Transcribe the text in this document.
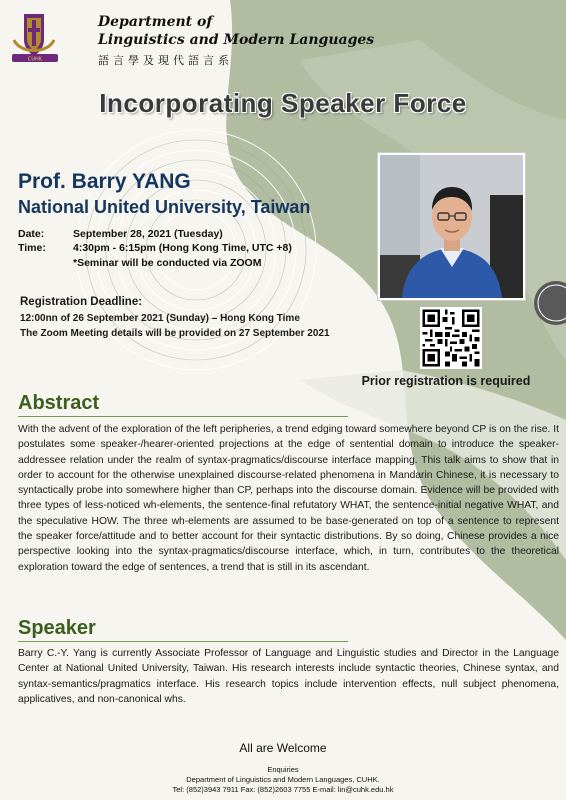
CUHK
Department of
Linguistics and Modern Languages
語言學及現代語言系
Incorporating Speaker Force
Prof. Barry YANG
National United University, Taiwan
Date:	September 28, 2021 (Tuesday)
Time:	4:30pm - 6:15pm (Hong Kong Time, UTC +8)
*Seminar will be conducted via ZOOM
Registration Deadline:
12:00nn of 26 September 2021 (Sunday) – Hong Kong Time
The Zoom Meeting details will be provided on 27 September 2021
Prior registration is required
Abstract
With the advent of the exploration of the left peripheries, a trend edging toward somewhere beyond CP is on the rise. It postulates some speaker-/hearer-oriented projections at the edge of sentential domain to introduce the speaker-addressee relation under the realm of syntax-pragmatics/discourse interface mapping. This talk aims to show that in order to account for the otherwise unexplained discourse-related phenomena in Mandarin Chinese, it is necessary to syntactically probe into somewhere higher than CP, perhaps into the discourse domain. Evidence will be provided with three types of less-noticed wh-elements, the sentence-final refutatory WHAT, the sentence-initial negative WHAT, and the speculative HOW. The three wh-elements are assumed to be base-generated on top of a sentence to represent the speaker force/attitude and to better account for their syntactic distributions. By so doing, Chinese provides a nice perspective looking into the syntax-pragmatics/discourse interface, which, in turn, contributes to the theoretical exploration toward the edge of sentences, a trend that is still in its ascendant.
Speaker
Barry C.-Y. Yang is currently Associate Professor of Language and Linguistic studies and Director in the Language Center at National United University, Taiwan. His research interests include syntactic theories, Chinese syntax, and syntax-semantics/pragmatics interface. His research topics include intervention effects, null subject phenomena, applicatives, and non-canonical whs.
All are Welcome
Enquiries
Department of Linguistics and Modern Languages, CUHK.
Tel: (852)3943 7911 Fax: (852)2603 7755 E-mail: lin@cuhk.edu.hk
